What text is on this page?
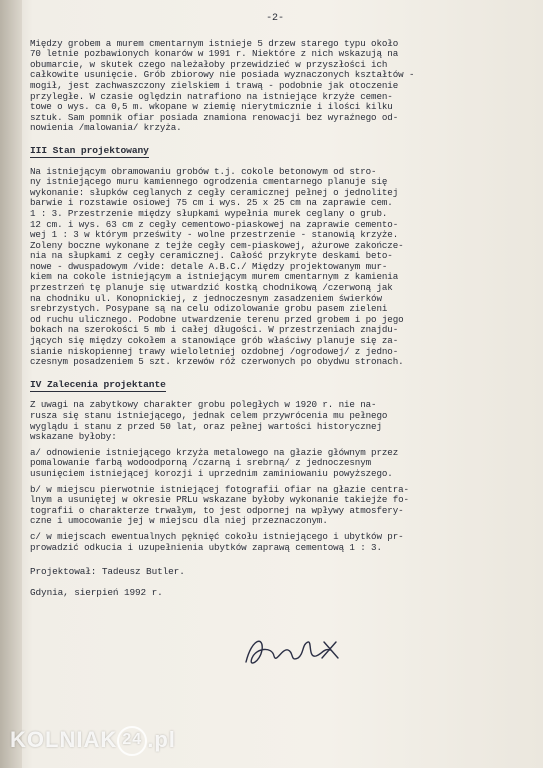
-2-

Między grobem a murem cmentarnym istnieje 5 drzew starego typu około

70 letnie pozbawionych konarów w 1991 r. Niektóre z nich wskazują na

obumarcie, w skutek czego należałoby przewidzieć w przyszłości ich

całkowite usunięcie. Grób zbiorowy nie posiada wyznaczonych kształtów -

mogił, jest zachwaszczony zielskiem i trawą - podobnie jak otoczenie

przyległe. W czasie oględzin natrafiono na istniejące krzyże cemen-

towe o wys. ca 0,5 m. wkopane w ziemię nierytmicznie i ilości kilku

sztuk. Sam pomnik ofiar posiada znamiona renowacji bez wyraźnego od-

nowienia /malowania/ krzyża.

III Stan projektowany

Na istniejącym obramowaniu grobów t.j. cokole betonowym od stro-

ny istniejącego muru kamiennego ogrodzenia cmentarnego planuje się

wykonanie: słupków ceglanych z cegły ceramicznej pełnej o jednolitej

barwie i rozstawie osiowej 75 cm i wys. 25 x 25 cm na zaprawie cem.

1 : 3. Przestrzenie między słupkami wypełnia murek ceglany o grub.

12 cm. i wys. 63 cm z cegły cementowo-piaskowej na zaprawie cemento-

wej 1 : 3 w którym prześwity - wolne przestrzenie - stanowią krzyże.

Zoleny boczne wykonane z tejże cegły cem-piaskowej, ażurowe zakończe-

nia na słupkami z cegły ceramicznej. Całość przykryte deskami beto-

nowe - dwuspadowym /vide: detale A.B.C./ Między projektowanym mur-

kiem na cokole istniejącym a istniejącym murem cmentarnym z kamienia

przestrzeń tę planuje się utwardzić kostką chodnikową /czerwoną jak

na chodniku ul. Konopnickiej, z jednoczesnym zasadzeniem świerków

srebrzystych. Posypane są na celu odizolowanie grobu pasem zieleni

od ruchu ulicznego. Podobne utwardzenie terenu przed grobem i po jego

bokach na szerokości 5 mb i całej długości. W przestrzeniach znajdu-

jących się między cokołem a stanowiące grób właściwy planuje się za-

sianie niskopiennej trawy wieloletniej ozdobnej /ogrodowej/ z jedno-

czesnym posadzeniem 5 szt. krzewów róż czerwonych po obydwu stronach.

IV Zalecenia projektante

Z uwagi na zabytkowy charakter grobu poległych w 1920 r. nie na-

rusza się stanu istniejącego, jednak celem przywrócenia mu pełnego

wyglądu i stanu z przed 50 lat, oraz pełnej wartości historycznej

wskazane byłoby:

a/ odnowienie istniejącego krzyża metalowego na głazie głównym przez

pomalowanie farbą wodoodporną /czarną i srebrną/ z jednoczesnym

usunięciem istniejącej korozji i uprzednim zaminiowaniu powyższego.

b/ w miejscu pierwotnie istniejącej fotografii ofiar na głazie centra-

lnym a usuniętej w okresie PRLu wskazane byłoby wykonanie takiejże fo-

tografii o charakterze trwałym, to jest odpornej na wpływy atmosfery-

czne i umocowanie jej w miejscu dla niej przeznaczonym.

c/ w miejscach ewentualnych pęknięć cokołu istniejącego i ubytków pr-

prowadzić odkucia i uzupełnienia ubytków zaprawą cementową 1 : 3.

Projektował: Tadeusz Butler.

Gdynia, sierpień 1992 r.

KOLNIAK 24 .pl
